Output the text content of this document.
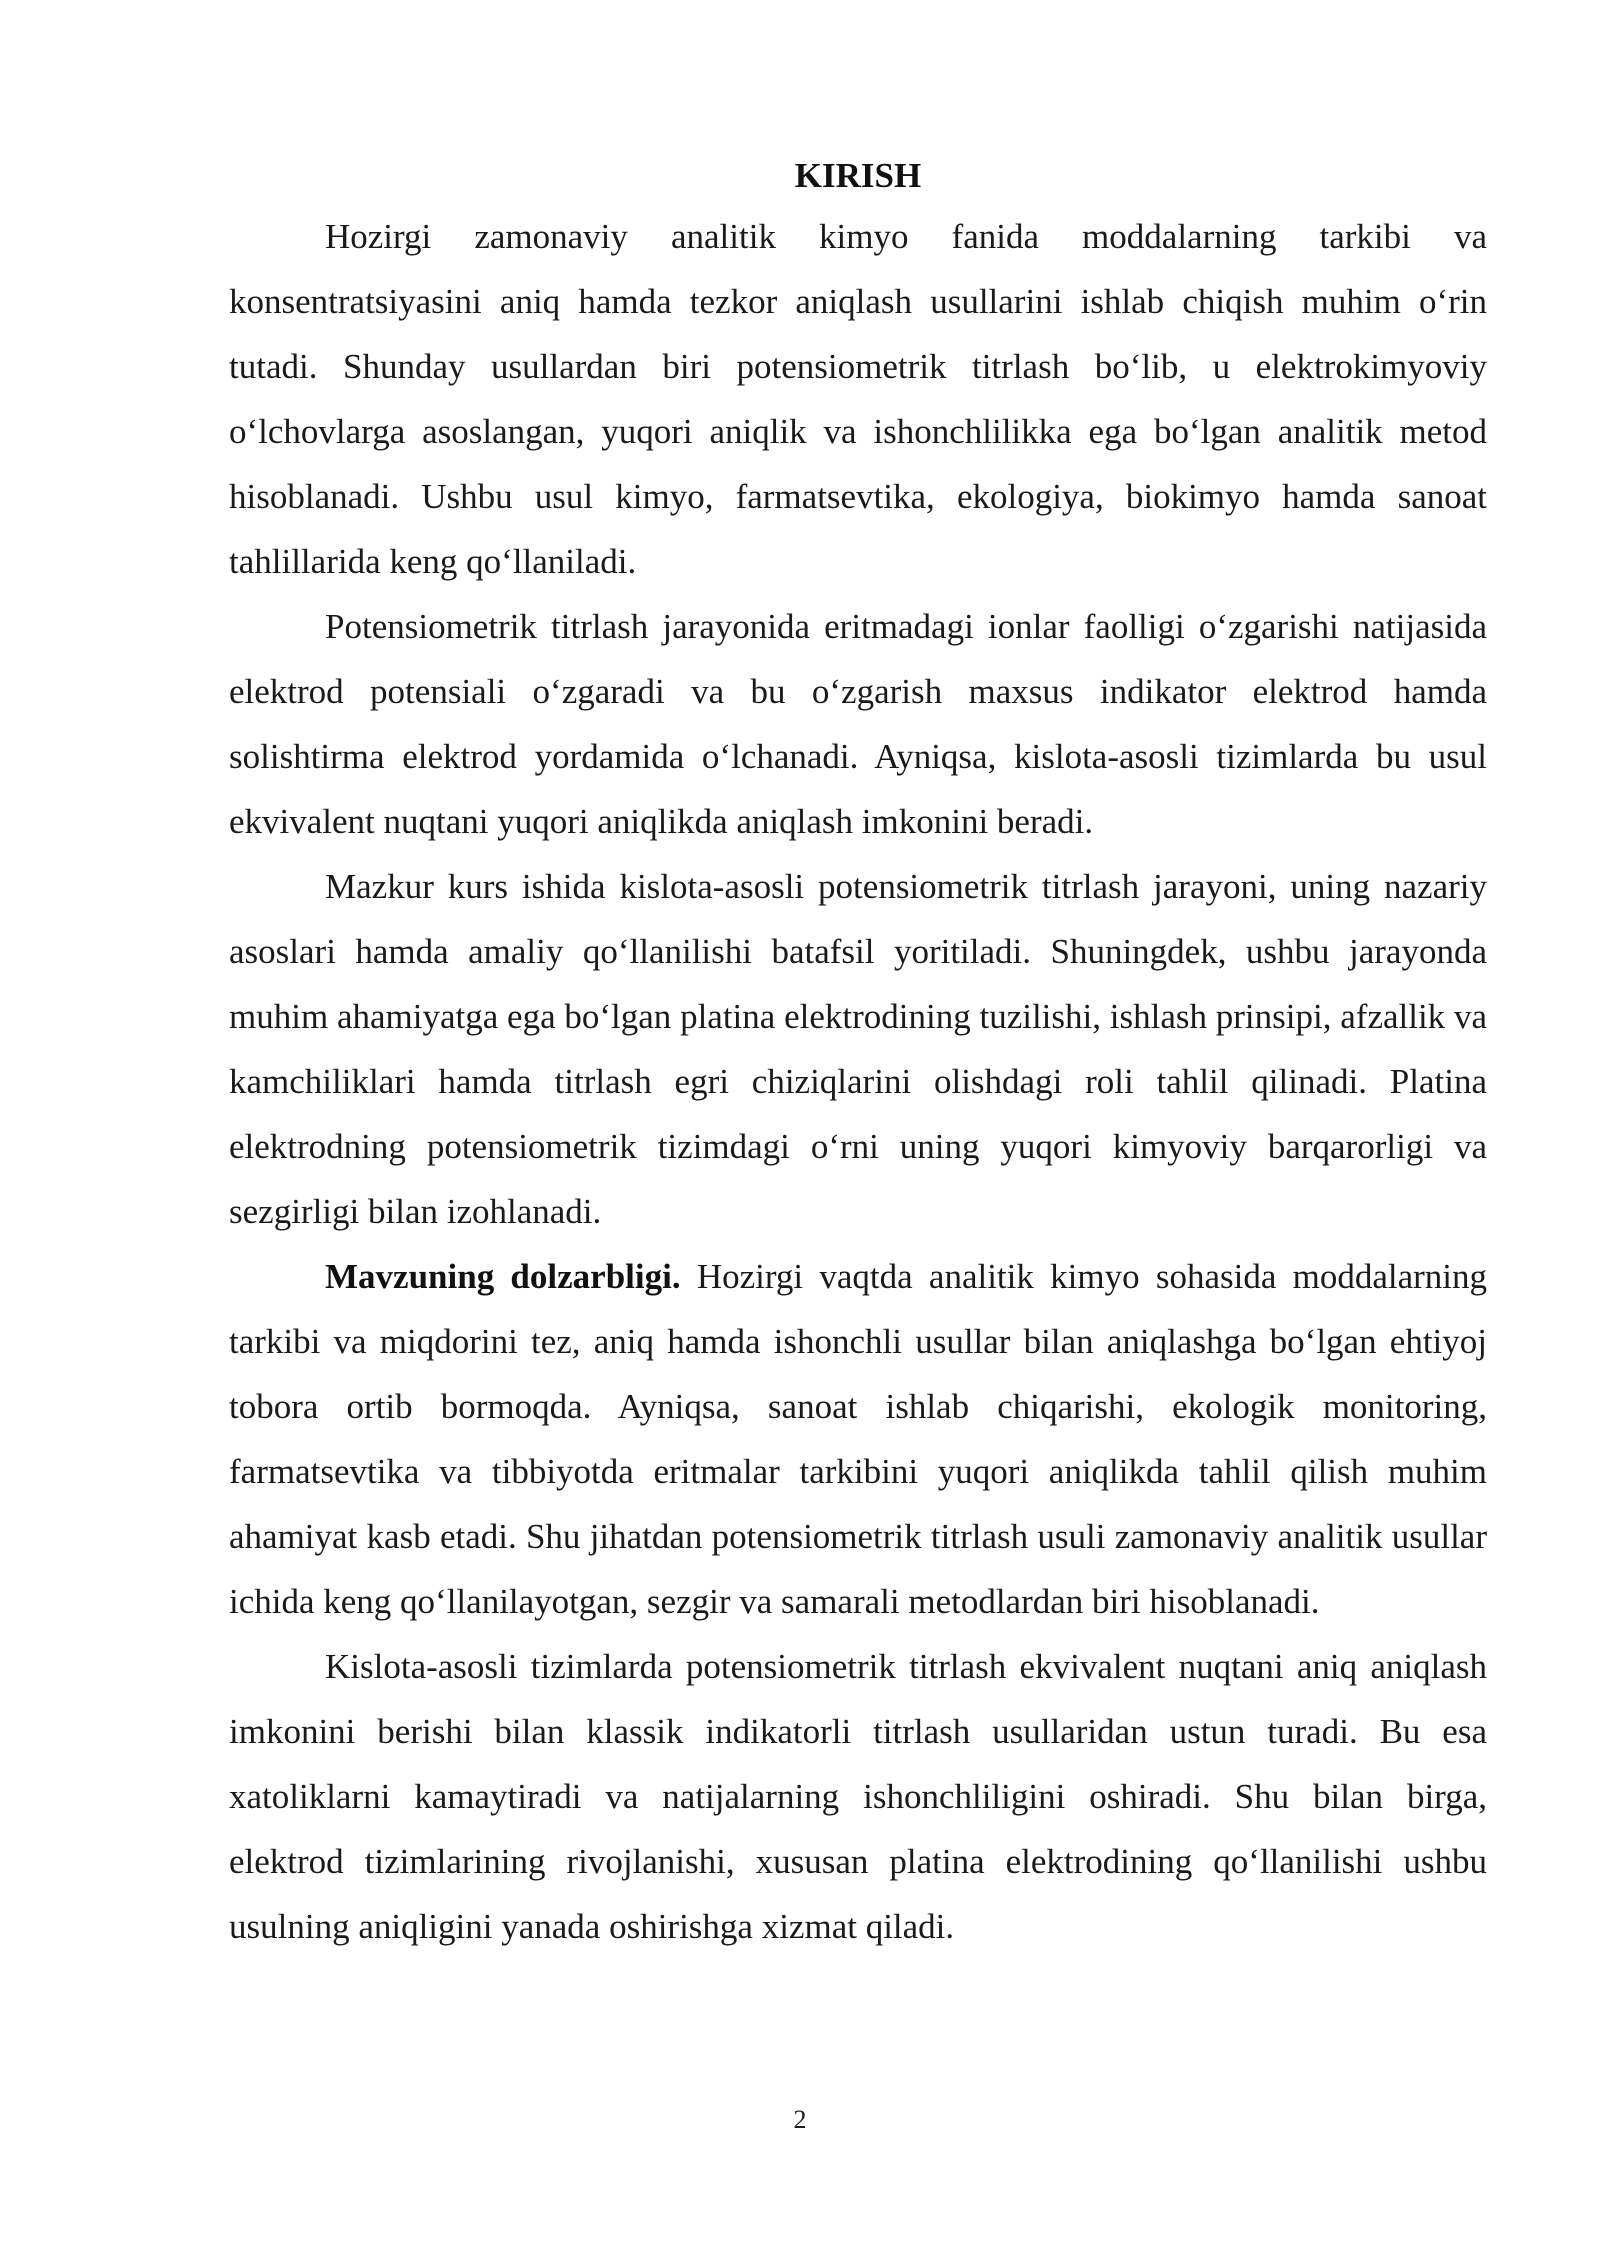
KIRISH

Hozirgi zamonaviy analitik kimyo fanida moddalarning tarkibi va konsentratsiyasini aniq hamda tezkor aniqlash usullarini ishlab chiqish muhim o‘rin tutadi. Shunday usullardan biri potensiometrik titrlash bo‘lib, u elektrokimyoviy o‘lchovlarga asoslangan, yuqori aniqlik va ishonchlilikka ega bo‘lgan analitik metod hisoblanadi. Ushbu usul kimyo, farmatsevtika, ekologiya, biokimyo hamda sanoat tahlillarida keng qo‘llaniladi.

Potensiometrik titrlash jarayonida eritmadagi ionlar faolligi o‘zgarishi natijasida elektrod potensiali o‘zgaradi va bu o‘zgarish maxsus indikator elektrod hamda solishtirma elektrod yordamida o‘lchanadi. Ayniqsa, kislota-asosli tizimlarda bu usul ekvivalent nuqtani yuqori aniqlikda aniqlash imkonini beradi.

Mazkur kurs ishida kislota-asosli potensiometrik titrlash jarayoni, uning nazariy asoslari hamda amaliy qo‘llanilishi batafsil yoritiladi. Shuningdek, ushbu jarayonda muhim ahamiyatga ega bo‘lgan platina elektrodining tuzilishi, ishlash prinsipi, afzallik va kamchiliklari hamda titrlash egri chiziqlarini olishdagi roli tahlil qilinadi. Platina elektrodning potensiometrik tizimdagi o‘rni uning yuqori kimyoviy barqarorligi va sezgirligi bilan izohlanadi.

Mavzuning dolzarbligi. Hozirgi vaqtda analitik kimyo sohasida moddalarning tarkibi va miqdorini tez, aniq hamda ishonchli usullar bilan aniqlashga bo‘lgan ehtiyoj tobora ortib bormoqda. Ayniqsa, sanoat ishlab chiqarishi, ekologik monitoring, farmatsevtika va tibbiyotda eritmalar tarkibini yuqori aniqlikda tahlil qilish muhim ahamiyat kasb etadi. Shu jihatdan potensiometrik titrlash usuli zamonaviy analitik usullar ichida keng qo‘llanilayotgan, sezgir va samarali metodlardan biri hisoblanadi.

Kislota-asosli tizimlarda potensiometrik titrlash ekvivalent nuqtani aniq aniqlash imkonini berishi bilan klassik indikatorli titrlash usullaridan ustun turadi. Bu esa xatoliklarni kamaytiradi va natijalarning ishonchliligini oshiradi. Shu bilan birga, elektrod tizimlarining rivojlanishi, xususan platina elektrodining qo‘llanilishi ushbu usulning aniqligini yanada oshirishga xizmat qiladi.

2
